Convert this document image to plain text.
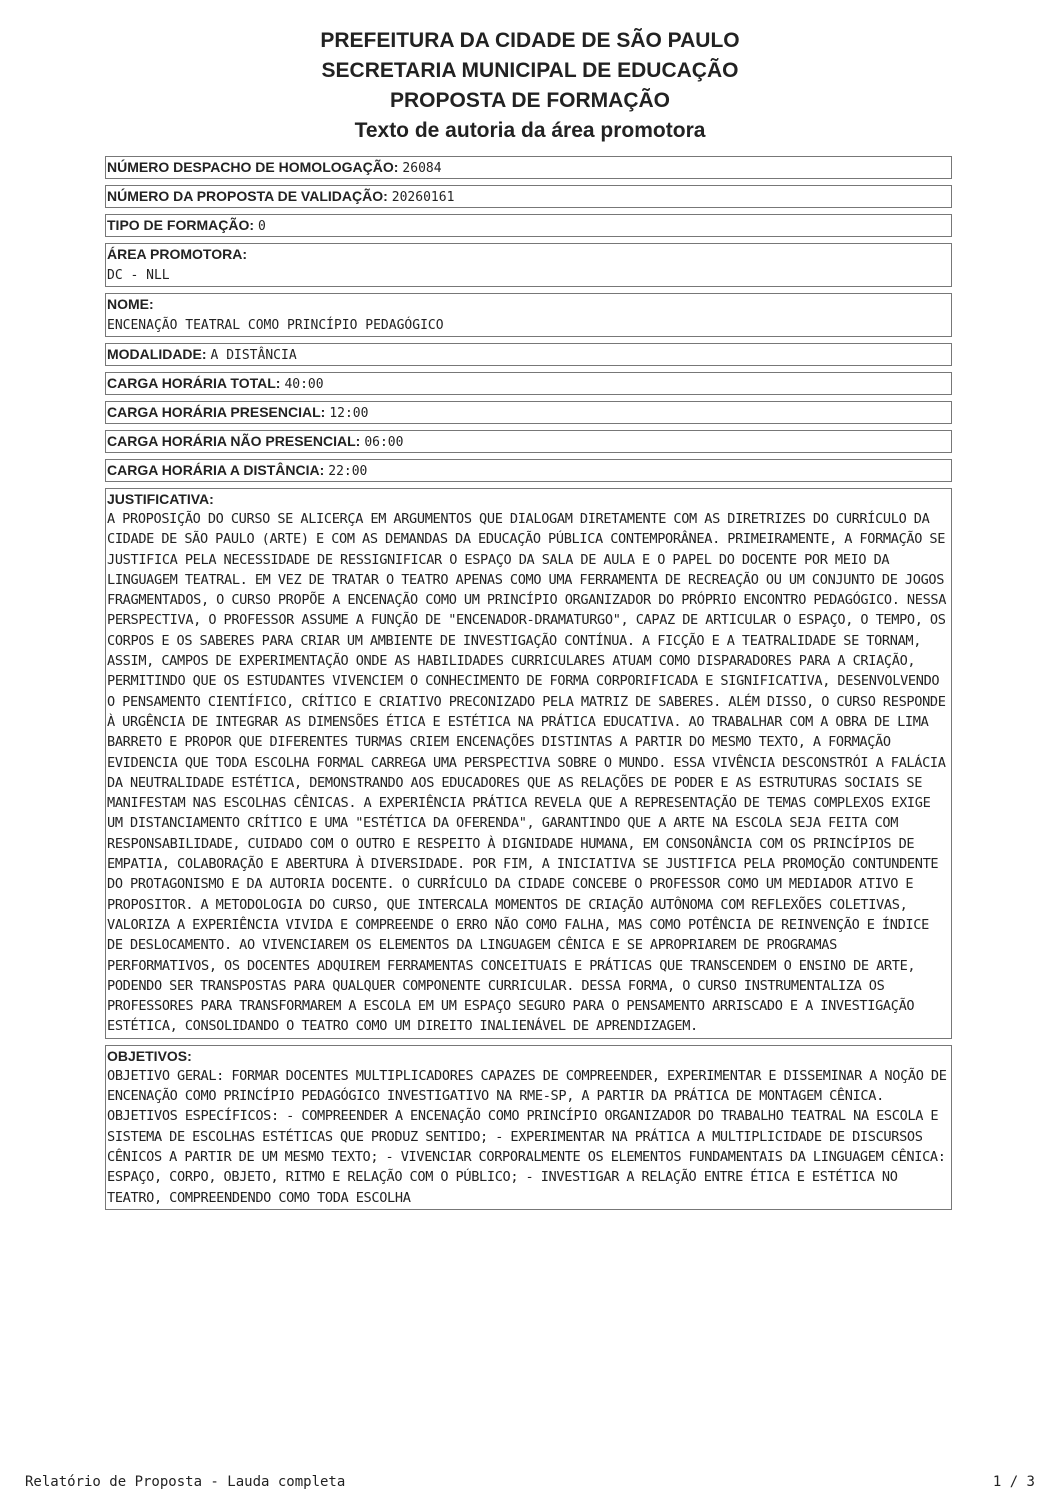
PREFEITURA DA CIDADE DE SÃO PAULO
SECRETARIA MUNICIPAL DE EDUCAÇÃO
PROPOSTA DE FORMAÇÃO
Texto de autoria da área promotora
NÚMERO DESPACHO DE HOMOLOGAÇÃO: 26084
NÚMERO DA PROPOSTA DE VALIDAÇÃO: 20260161
TIPO DE FORMAÇÃO: 0
ÁREA PROMOTORA:
DC - NLL
NOME:
ENCENAÇÃO TEATRAL COMO PRINCÍPIO PEDAGÓGICO
MODALIDADE: A DISTÂNCIA
CARGA HORÁRIA TOTAL: 40:00
CARGA HORÁRIA PRESENCIAL: 12:00
CARGA HORÁRIA NÃO PRESENCIAL: 06:00
CARGA HORÁRIA A DISTÂNCIA: 22:00
JUSTIFICATIVA:
A PROPOSIÇÃO DO CURSO SE ALICERÇA EM ARGUMENTOS QUE DIALOGAM DIRETAMENTE COM AS DIRETRIZES DO CURRÍCULO DA CIDADE DE SÃO PAULO (ARTE) E COM AS DEMANDAS DA EDUCAÇÃO PÚBLICA CONTEMPORÂNEA. PRIMEIRAMENTE, A FORMAÇÃO SE JUSTIFICA PELA NECESSIDADE DE RESSIGNIFICAR O ESPAÇO DA SALA DE AULA E O PAPEL DO DOCENTE POR MEIO DA LINGUAGEM TEATRAL. EM VEZ DE TRATAR O TEATRO APENAS COMO UMA FERRAMENTA DE RECREAÇÃO OU UM CONJUNTO DE JOGOS FRAGMENTADOS, O CURSO PROPÕE A ENCENAÇÃO COMO UM PRINCÍPIO ORGANIZADOR DO PRÓPRIO ENCONTRO PEDAGÓGICO. NESSA PERSPECTIVA, O PROFESSOR ASSUME A FUNÇÃO DE "ENCENADOR-DRAMATURGO", CAPAZ DE ARTICULAR O ESPAÇO, O TEMPO, OS CORPOS E OS SABERES PARA CRIAR UM AMBIENTE DE INVESTIGAÇÃO CONTÍNUA. A FICÇÃO E A TEATRALIDADE SE TORNAM, ASSIM, CAMPOS DE EXPERIMENTAÇÃO ONDE AS HABILIDADES CURRICULARES ATUAM COMO DISPARADORES PARA A CRIAÇÃO, PERMITINDO QUE OS ESTUDANTES VIVENCIEM O CONHECIMENTO DE FORMA CORPORIFICADA E SIGNIFICATIVA, DESENVOLVENDO O PENSAMENTO CIENTÍFICO, CRÍTICO E CRIATIVO PRECONIZADO PELA MATRIZ DE SABERES. ALÉM DISSO, O CURSO RESPONDE À URGÊNCIA DE INTEGRAR AS DIMENSÕES ÉTICA E ESTÉTICA NA PRÁTICA EDUCATIVA. AO TRABALHAR COM A OBRA DE LIMA BARRETO E PROPOR QUE DIFERENTES TURMAS CRIEM ENCENAÇÕES DISTINTAS A PARTIR DO MESMO TEXTO, A FORMAÇÃO EVIDENCIA QUE TODA ESCOLHA FORMAL CARREGA UMA PERSPECTIVA SOBRE O MUNDO. ESSA VIVÊNCIA DESCONSTRÓI A FALÁCIA DA NEUTRALIDADE ESTÉTICA, DEMONSTRANDO AOS EDUCADORES QUE AS RELAÇÕES DE PODER E AS ESTRUTURAS SOCIAIS SE MANIFESTAM NAS ESCOLHAS CÊNICAS. A EXPERIÊNCIA PRÁTICA REVELA QUE A REPRESENTAÇÃO DE TEMAS COMPLEXOS EXIGE UM DISTANCIAMENTO CRÍTICO E UMA "ESTÉTICA DA OFERENDA", GARANTINDO QUE A ARTE NA ESCOLA SEJA FEITA COM RESPONSABILIDADE, CUIDADO COM O OUTRO E RESPEITO À DIGNIDADE HUMANA, EM CONSONÂNCIA COM OS PRINCÍPIOS DE EMPATIA, COLABORAÇÃO E ABERTURA À DIVERSIDADE. POR FIM, A INICIATIVA SE JUSTIFICA PELA PROMOÇÃO CONTUNDENTE DO PROTAGONISMO E DA AUTORIA DOCENTE. O CURRÍCULO DA CIDADE CONCEBE O PROFESSOR COMO UM MEDIADOR ATIVO E PROPOSITOR. A METODOLOGIA DO CURSO, QUE INTERCALA MOMENTOS DE CRIAÇÃO AUTÔNOMA COM REFLEXÕES COLETIVAS, VALORIZA A EXPERIÊNCIA VIVIDA E COMPREENDE O ERRO NÃO COMO FALHA, MAS COMO POTÊNCIA DE REINVENÇÃO E ÍNDICE DE DESLOCAMENTO. AO VIVENCIAREM OS ELEMENTOS DA LINGUAGEM CÊNICA E SE APROPRIAREM DE PROGRAMAS PERFORMATIVOS, OS DOCENTES ADQUIREM FERRAMENTAS CONCEITUAIS E PRÁTICAS QUE TRANSCENDEM O ENSINO DE ARTE, PODENDO SER TRANSPOSTAS PARA QUALQUER COMPONENTE CURRICULAR. DESSA FORMA, O CURSO INSTRUMENTALIZA OS PROFESSORES PARA TRANSFORMAREM A ESCOLA EM UM ESPAÇO SEGURO PARA O PENSAMENTO ARRISCADO E A INVESTIGAÇÃO ESTÉTICA, CONSOLIDANDO O TEATRO COMO UM DIREITO INALIENÁVEL DE APRENDIZAGEM.
OBJETIVOS:
OBJETIVO GERAL: FORMAR DOCENTES MULTIPLICADORES CAPAZES DE COMPREENDER, EXPERIMENTAR E DISSEMINAR A NOÇÃO DE ENCENAÇÃO COMO PRINCÍPIO PEDAGÓGICO INVESTIGATIVO NA RME-SP, A PARTIR DA PRÁTICA DE MONTAGEM CÊNICA. OBJETIVOS ESPECÍFICOS: - COMPREENDER A ENCENAÇÃO COMO PRINCÍPIO ORGANIZADOR DO TRABALHO TEATRAL NA ESCOLA E SISTEMA DE ESCOLHAS ESTÉTICAS QUE PRODUZ SENTIDO; - EXPERIMENTAR NA PRÁTICA A MULTIPLICIDADE DE DISCURSOS CÊNICOS A PARTIR DE UM MESMO TEXTO; - VIVENCIAR CORPORALMENTE OS ELEMENTOS FUNDAMENTAIS DA LINGUAGEM CÊNICA: ESPAÇO, CORPO, OBJETO, RITMO E RELAÇÃO COM O PÚBLICO; - INVESTIGAR A RELAÇÃO ENTRE ÉTICA E ESTÉTICA NO TEATRO, COMPREENDENDO COMO TODA ESCOLHA
Relatório de Proposta - Lauda completa	1 / 3
